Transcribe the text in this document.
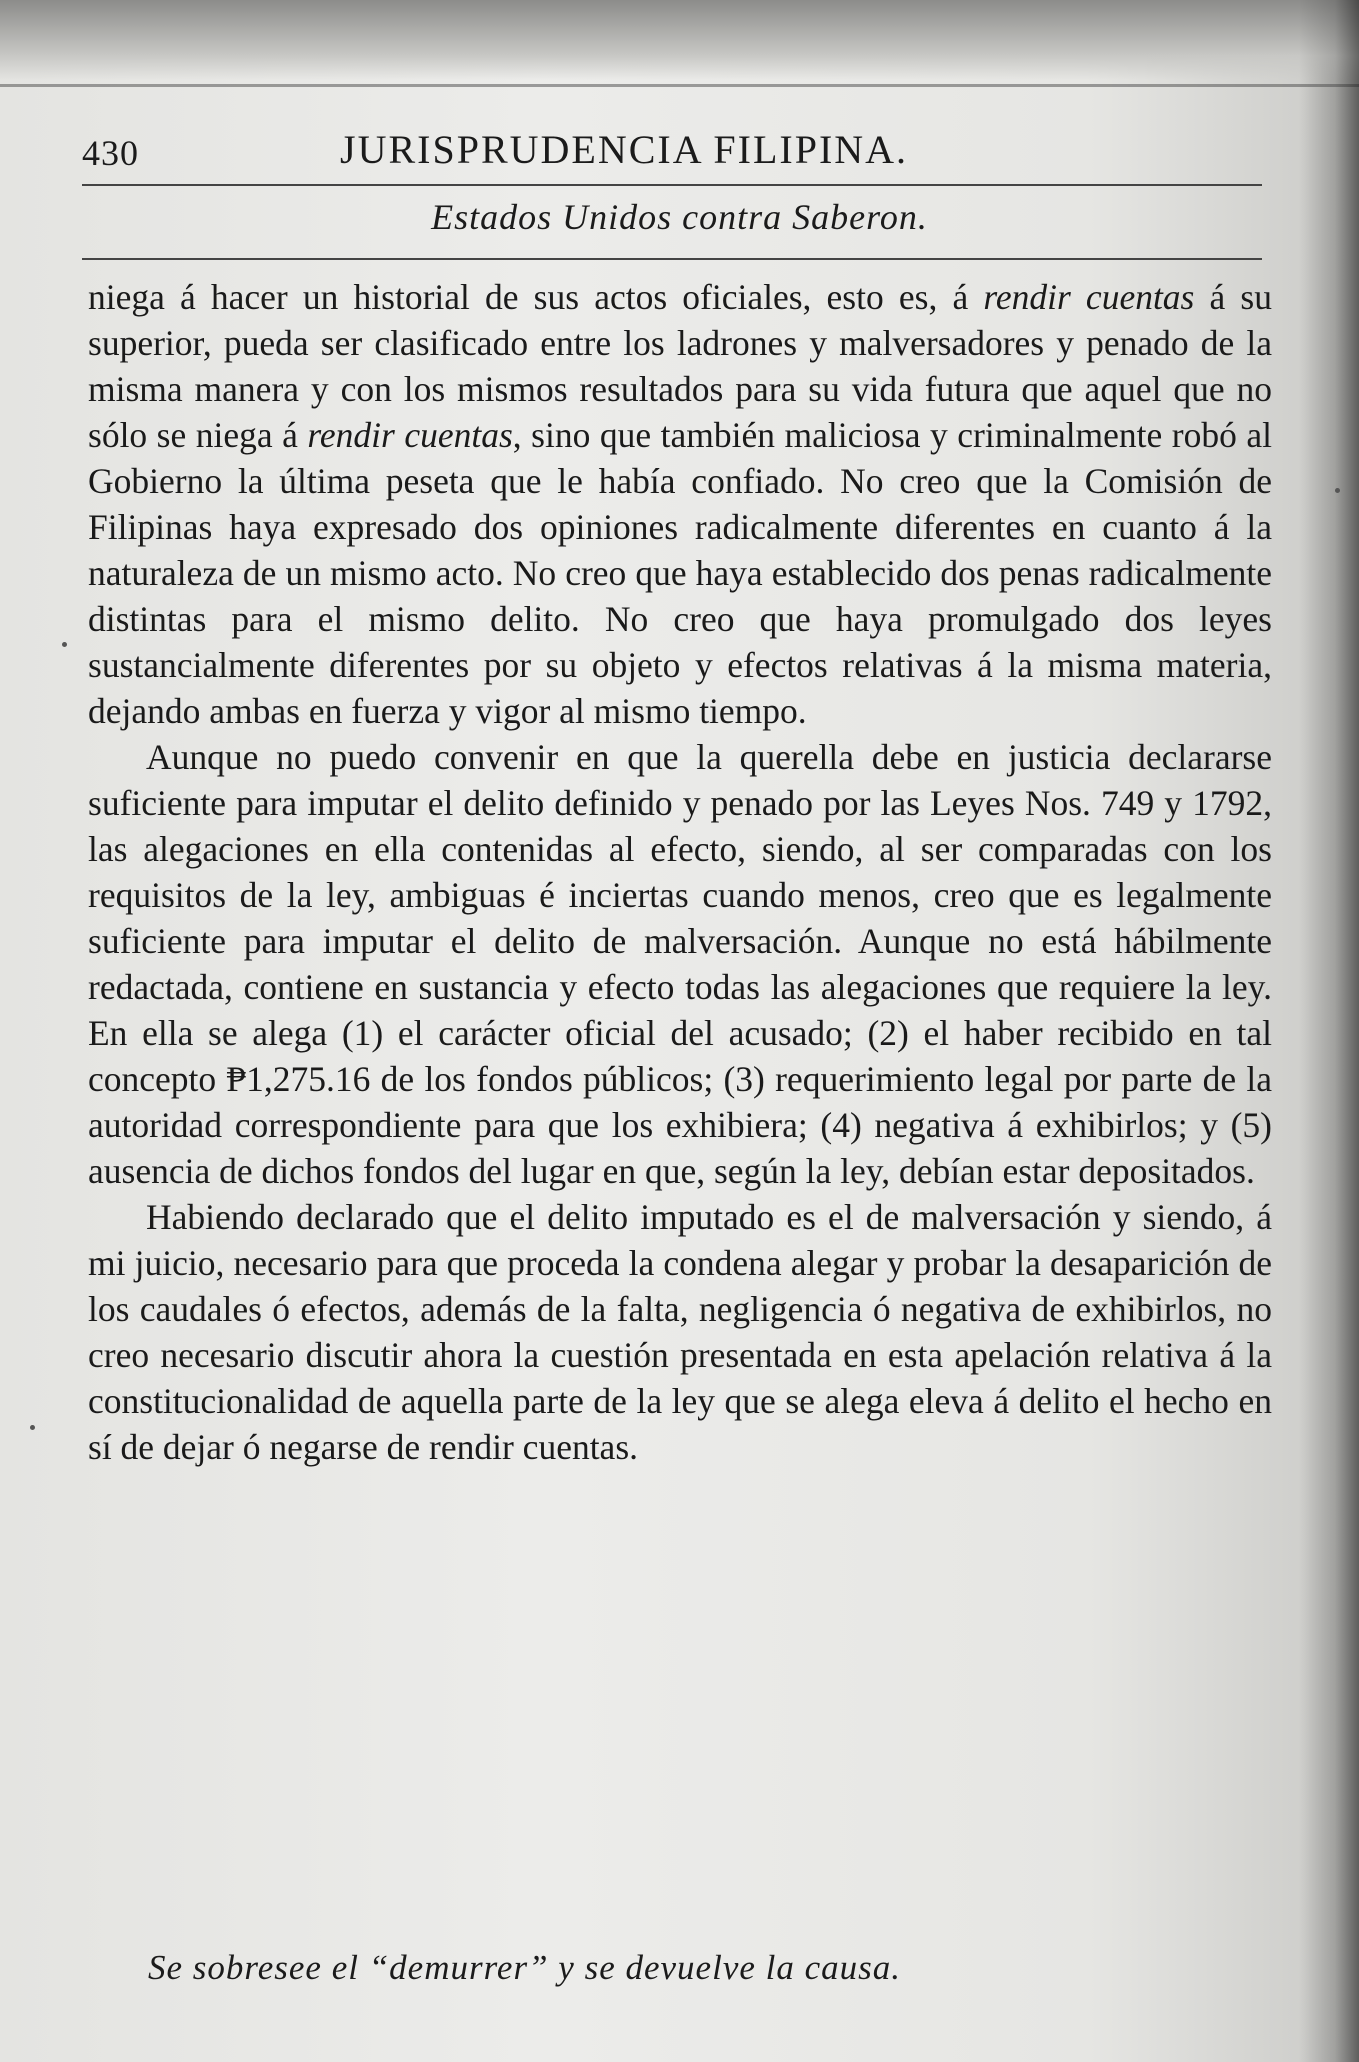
430	JURISPRUDENCIA FILIPINA.
Estados Unidos contra Saberon.

niega á hacer un historial de sus actos oficiales, esto es, á rendir cuentas á su superior, pueda ser clasificado entre los ladrones y malversadores y penado de la misma manera y con los mismos resultados para su vida futura que aquel que no sólo se niega á rendir cuentas, sino que también maliciosa y criminalmente robó al Gobierno la última peseta que le había confiado. No creo que la Comisión de Filipinas haya expresado dos opiniones radicalmente diferentes en cuanto á la naturaleza de un mismo acto. No creo que haya establecido dos penas radicalmente distintas para el mismo delito. No creo que haya promulgado dos leyes sustancialmente diferentes por su objeto y efectos relativas á la misma materia, dejando ambas en fuerza y vigor al mismo tiempo.

Aunque no puedo convenir en que la querella debe en justicia declararse suficiente para imputar el delito definido y penado por las Leyes Nos. 749 y 1792, las alegaciones en ella contenidas al efecto, siendo, al ser comparadas con los requisitos de la ley, ambiguas é inciertas cuando menos, creo que es legalmente suficiente para imputar el delito de malversación. Aunque no está hábilmente redactada, contiene en sustancia y efecto todas las alegaciones que requiere la ley. En ella se alega (1) el carácter oficial del acusado; (2) el haber recibido en tal concepto ₱1,275.16 de los fondos públicos; (3) requerimiento legal por parte de la autoridad correspondiente para que los exhibiera; (4) negativa á exhibirlos; y (5) ausencia de dichos fondos del lugar en que, según la ley, debían estar depositados.

Habiendo declarado que el delito imputado es el de malversación y siendo, á mi juicio, necesario para que proceda la condena alegar y probar la desaparición de los caudales ó efectos, además de la falta, negligencia ó negativa de exhibirlos, no creo necesario discutir ahora la cuestión presentada en esta apelación relativa á la constitucionalidad de aquella parte de la ley que se alega eleva á delito el hecho en sí de dejar ó negarse de rendir cuentas.

Se sobresee el “demurrer” y se devuelve la causa.
